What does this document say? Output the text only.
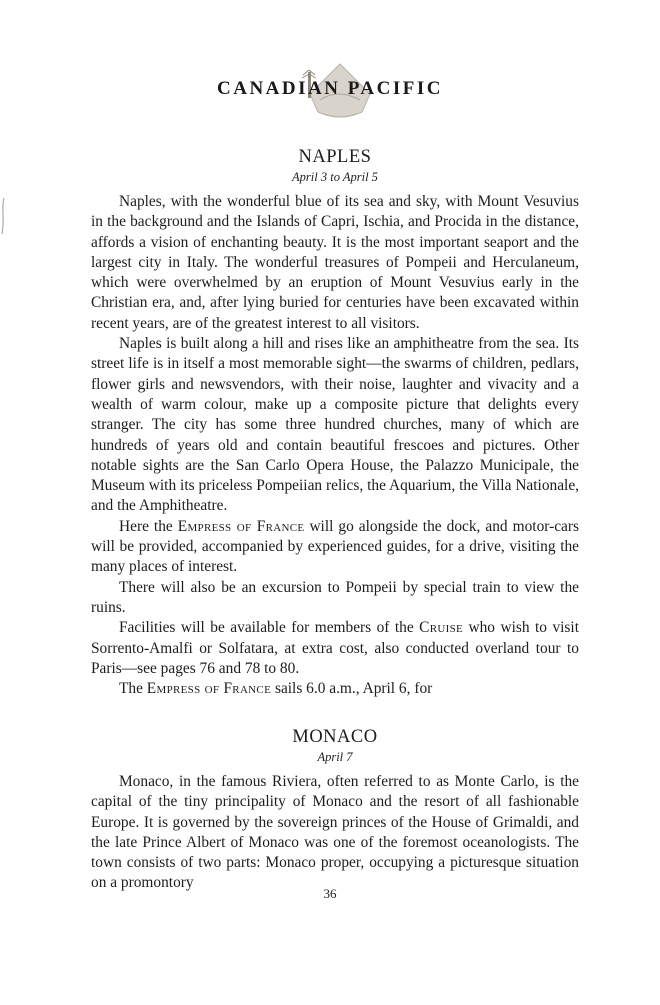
CANADIAN PACIFIC
NAPLES
April 3 to April 5

Naples, with the wonderful blue of its sea and sky, with Mount Vesuvius in the background and the Islands of Capri, Ischia, and Procida in the distance, affords a vision of enchanting beauty. It is the most important seaport and the largest city in Italy. The wonderful treasures of Pompeii and Herculaneum, which were overwhelmed by an eruption of Mount Vesuvius early in the Christian era, and, after lying buried for centuries have been excavated within recent years, are of the greatest interest to all visitors.

Naples is built along a hill and rises like an amphitheatre from the sea. Its street life is in itself a most memorable sight—the swarms of children, pedlars, flower girls and newsvendors, with their noise, laughter and vivacity and a wealth of warm colour, make up a composite picture that delights every stranger. The city has some three hundred churches, many of which are hundreds of years old and contain beautiful frescoes and pictures. Other notable sights are the San Carlo Opera House, the Palazzo Municipale, the Museum with its priceless Pompeiian relics, the Aquarium, the Villa Nationale, and the Amphitheatre.

Here the Empress of France will go alongside the dock, and motor-cars will be provided, accompanied by experienced guides, for a drive, visiting the many places of interest.

There will also be an excursion to Pompeii by special train to view the ruins.

Facilities will be available for members of the Cruise who wish to visit Sorrento-Amalfi or Solfatara, at extra cost, also conducted overland tour to Paris—see pages 76 and 78 to 80.

The Empress of France sails 6.0 a.m., April 6, for

MONACO
April 7

Monaco, in the famous Riviera, often referred to as Monte Carlo, is the capital of the tiny principality of Monaco and the resort of all fashionable Europe. It is governed by the sovereign princes of the House of Grimaldi, and the late Prince Albert of Monaco was one of the foremost oceanologists. The town consists of two parts: Monaco proper, occupying a picturesque situation on a promontory

36
